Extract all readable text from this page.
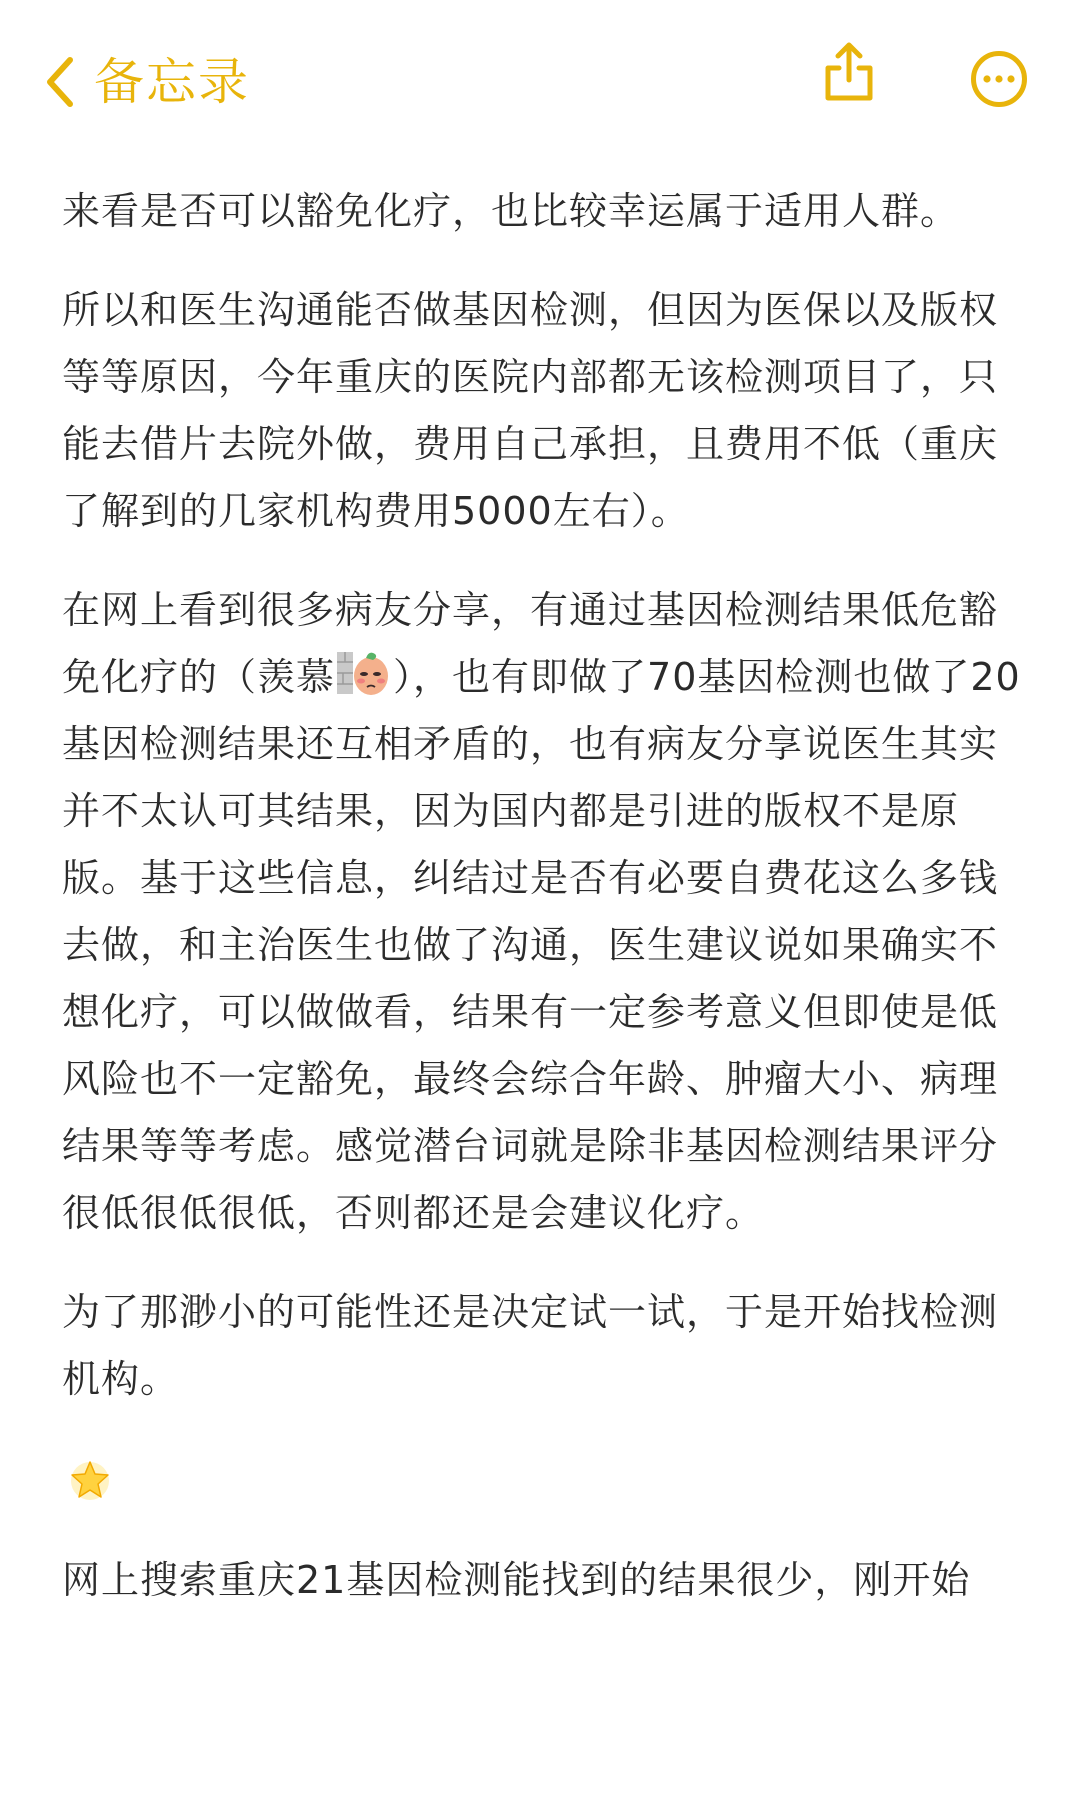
备忘录

来看是否可以豁免化疗，也比较幸运属于适用人群。

所以和医生沟通能否做基因检测，但因为医保以及版权等等原因，今年重庆的医院内部都无该检测项目了，只能去借片去院外做，费用自己承担，且费用不低（重庆了解到的几家机构费用5000左右）。

在网上看到很多病友分享，有通过基因检测结果低危豁免化疗的（羡慕 ），也有即做了70基因检测也做了20基因检测结果还互相矛盾的，也有病友分享说医生其实并不太认可其结果，因为国内都是引进的版权不是原版。基于这些信息，纠结过是否有必要自费花这么多钱去做，和主治医生也做了沟通，医生建议说如果确实不想化疗，可以做做看，结果有一定参考意义但即使是低风险也不一定豁免，最终会综合年龄、肿瘤大小、病理结果等等考虑。感觉潜台词就是除非基因检测结果评分很低很低很低，否则都还是会建议化疗。

为了那渺小的可能性还是决定试一试，于是开始找检测机构。

网上搜索重庆21基因检测能找到的结果很少，刚开始
